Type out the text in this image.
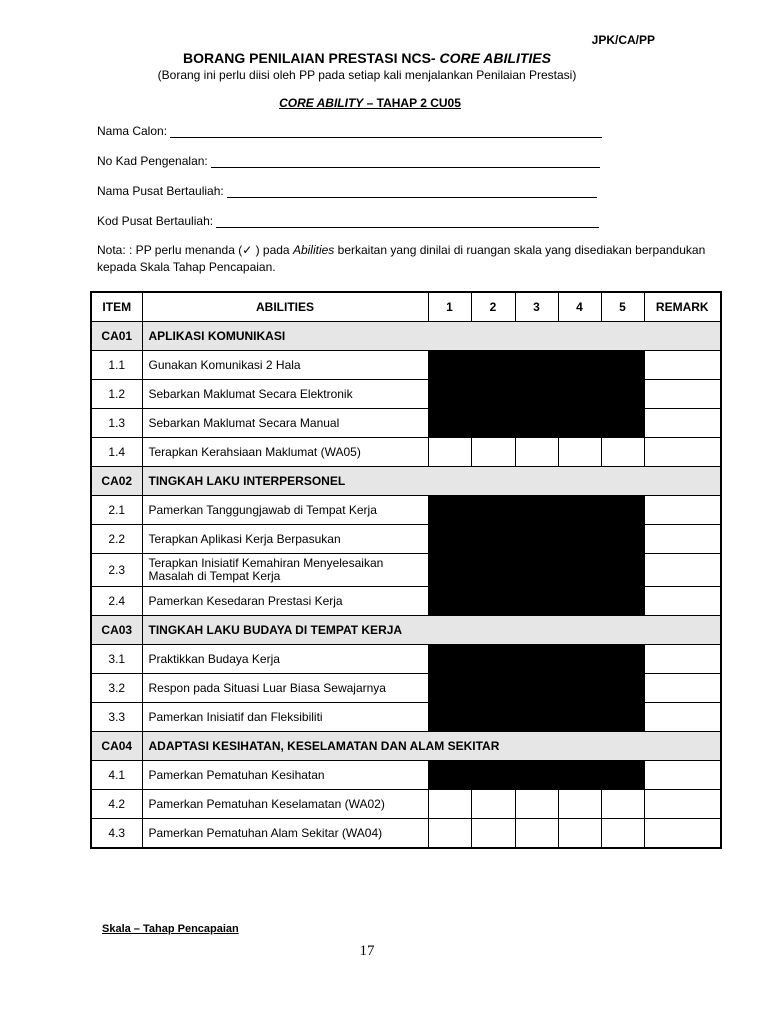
JPK/CA/PP
BORANG PENILAIAN PRESTASI NCS- CORE ABILITIES
(Borang ini perlu diisi oleh PP pada setiap kali menjalankan Penilaian Prestasi)
CORE ABILITY – TAHAP 2 CU05
Nama Calon:
No Kad Pengenalan:
Nama Pusat Bertauliah:
Kod Pusat Bertauliah:
Nota: : PP perlu menanda (✓ ) pada Abilities berkaitan yang dinilai di ruangan skala yang disediakan berpandukan kepada Skala Tahap Pencapaian.
ITEM	ABILITIES	1	2	3	4	5	REMARK
CA01	APLIKASI KOMUNIKASI						
1.1	Gunakan Komunikasi 2 Hala						
1.2	Sebarkan Maklumat Secara Elektronik						
1.3	Sebarkan Maklumat Secara Manual						
1.4	Terapkan Kerahsiaan Maklumat (WA05)						
CA02	TINGKAH LAKU INTERPERSONEL						
2.1	Pamerkan Tanggungjawab di Tempat Kerja						
2.2	Terapkan Aplikasi Kerja Berpasukan						
2.3	Terapkan Inisiatif Kemahiran Menyelesaikan Masalah di Tempat Kerja						
2.4	Pamerkan Kesedaran Prestasi Kerja						
CA03	TINGKAH LAKU BUDAYA DI TEMPAT KERJA						
3.1	Praktikkan Budaya Kerja						
3.2	Respon pada Situasi Luar Biasa Sewajarnya						
3.3	Pamerkan Inisiatif dan Fleksibiliti						
CA04	ADAPTASI KESIHATAN, KESELAMATAN DAN ALAM SEKITAR						
4.1	Pamerkan Pematuhan Kesihatan						
4.2	Pamerkan Pematuhan Keselamatan (WA02)						
4.3	Pamerkan Pematuhan Alam Sekitar (WA04)						
Skala – Tahap Pencapaian
17
